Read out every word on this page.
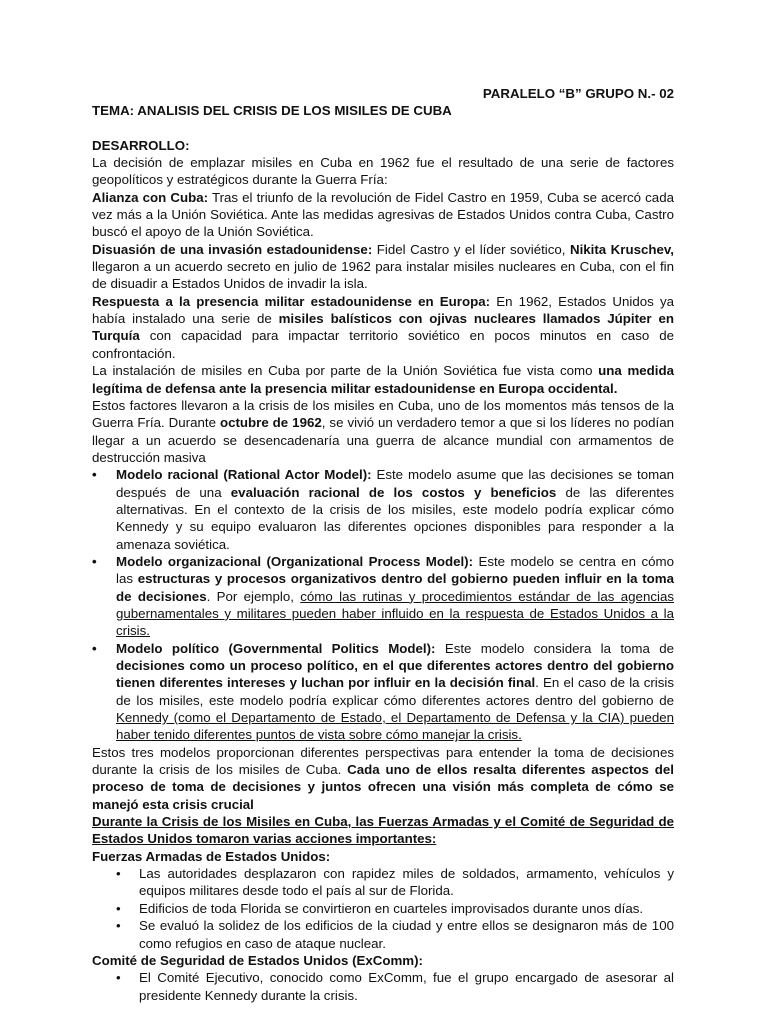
PARALELO “B” GRUPO N.- 02

TEMA: ANALISIS DEL CRISIS DE LOS MISILES DE CUBA

DESARROLLO:

La decisión de emplazar misiles en Cuba en 1962 fue el resultado de una serie de factores geopolíticos y estratégicos durante la Guerra Fría:

Alianza con Cuba: Tras el triunfo de la revolución de Fidel Castro en 1959, Cuba se acercó cada vez más a la Unión Soviética. Ante las medidas agresivas de Estados Unidos contra Cuba, Castro buscó el apoyo de la Unión Soviética.

Disuasión de una invasión estadounidense: Fidel Castro y el líder soviético, Nikita Kruschev, llegaron a un acuerdo secreto en julio de 1962 para instalar misiles nucleares en Cuba, con el fin de disuadir a Estados Unidos de invadir la isla.

Respuesta a la presencia militar estadounidense en Europa: En 1962, Estados Unidos ya había instalado una serie de misiles balísticos con ojivas nucleares llamados Júpiter en Turquía con capacidad para impactar territorio soviético en pocos minutos en caso de confrontación.

La instalación de misiles en Cuba por parte de la Unión Soviética fue vista como una medida legítima de defensa ante la presencia militar estadounidense en Europa occidental.

Estos factores llevaron a la crisis de los misiles en Cuba, uno de los momentos más tensos de la Guerra Fría. Durante octubre de 1962, se vivió un verdadero temor a que si los líderes no podían llegar a un acuerdo se desencadenaría una guerra de alcance mundial con armamentos de destrucción masiva

• Modelo racional (Rational Actor Model): Este modelo asume que las decisiones se toman después de una evaluación racional de los costos y beneficios de las diferentes alternativas. En el contexto de la crisis de los misiles, este modelo podría explicar cómo Kennedy y su equipo evaluaron las diferentes opciones disponibles para responder a la amenaza soviética.
• Modelo organizacional (Organizational Process Model): Este modelo se centra en cómo las estructuras y procesos organizativos dentro del gobierno pueden influir en la toma de decisiones. Por ejemplo, cómo las rutinas y procedimientos estándar de las agencias gubernamentales y militares pueden haber influido en la respuesta de Estados Unidos a la crisis.
• Modelo político (Governmental Politics Model): Este modelo considera la toma de decisiones como un proceso político, en el que diferentes actores dentro del gobierno tienen diferentes intereses y luchan por influir en la decisión final. En el caso de la crisis de los misiles, este modelo podría explicar cómo diferentes actores dentro del gobierno de Kennedy (como el Departamento de Estado, el Departamento de Defensa y la CIA) pueden haber tenido diferentes puntos de vista sobre cómo manejar la crisis.

Estos tres modelos proporcionan diferentes perspectivas para entender la toma de decisiones durante la crisis de los misiles de Cuba. Cada uno de ellos resalta diferentes aspectos del proceso de toma de decisiones y juntos ofrecen una visión más completa de cómo se manejó esta crisis crucial

Durante la Crisis de los Misiles en Cuba, las Fuerzas Armadas y el Comité de Seguridad de Estados Unidos tomaron varias acciones importantes:

Fuerzas Armadas de Estados Unidos:

• Las autoridades desplazaron con rapidez miles de soldados, armamento, vehículos y equipos militares desde todo el país al sur de Florida.
• Edificios de toda Florida se convirtieron en cuarteles improvisados durante unos días.
• Se evaluó la solidez de los edificios de la ciudad y entre ellos se designaron más de 100 como refugios en caso de ataque nuclear.

Comité de Seguridad de Estados Unidos (ExComm):

• El Comité Ejecutivo, conocido como ExComm, fue el grupo encargado de asesorar al presidente Kennedy durante la crisis.
